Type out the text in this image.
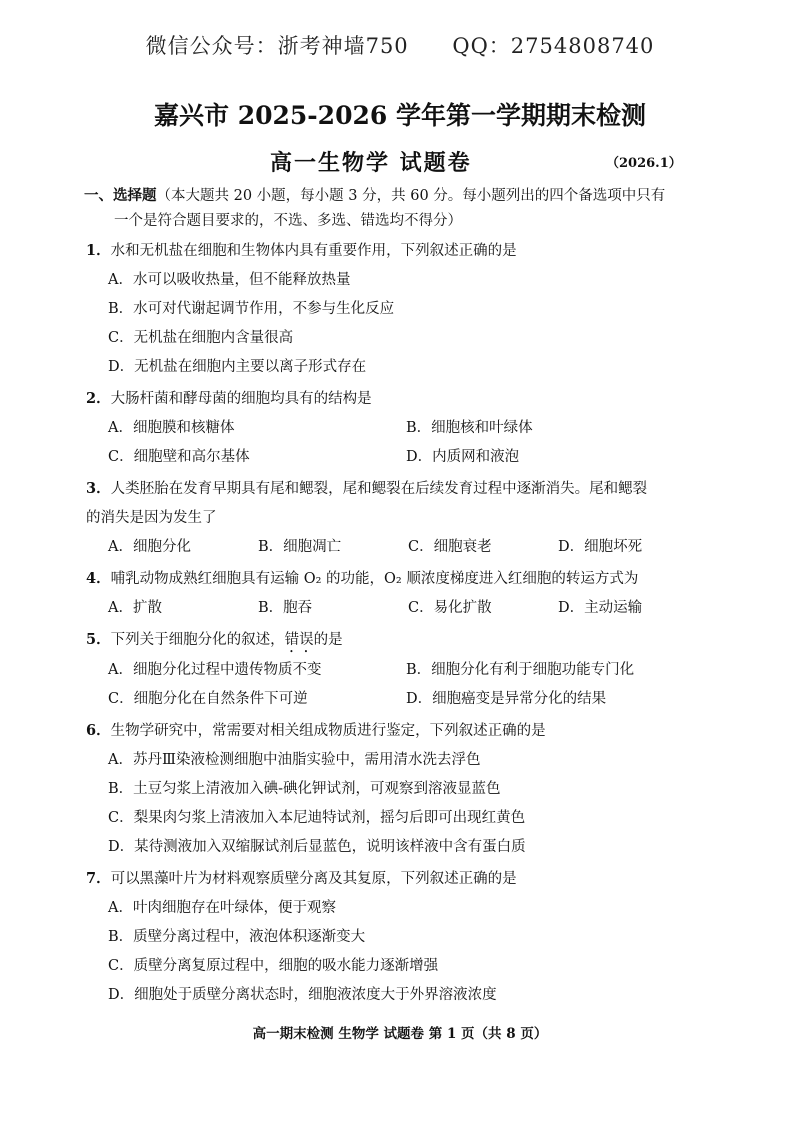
微信公众号：浙考神墙750 QQ：2754808740
嘉兴市 2025-2026 学年第一学期期末检测
高一生物学 试题卷	（2026.1）
一、选择题（本大题共 20 小题，每小题 3 分，共 60 分。每小题列出的四个备选项中只有
一个是符合题目要求的，不选、多选、错选均不得分）
1．水和无机盐在细胞和生物体内具有重要作用，下列叙述正确的是
A．水可以吸收热量，但不能释放热量
B．水可对代谢起调节作用，不参与生化反应
C．无机盐在细胞内含量很高
D．无机盐在细胞内主要以离子形式存在
2．大肠杆菌和酵母菌的细胞均具有的结构是
A．细胞膜和核糖体	B．细胞核和叶绿体
C．细胞壁和高尔基体	D．内质网和液泡
3．人类胚胎在发育早期具有尾和鳃裂，尾和鳃裂在后续发育过程中逐渐消失。尾和鳃裂
的消失是因为发生了
A．细胞分化	B．细胞凋亡	C．细胞衰老	D．细胞坏死
4．哺乳动物成熟红细胞具有运输 O₂ 的功能，O₂ 顺浓度梯度进入红细胞的转运方式为
A．扩散	B．胞吞	C．易化扩散	D．主动运输
5．下列关于细胞分化的叙述，错误的是
A．细胞分化过程中遗传物质不变	B．细胞分化有利于细胞功能专门化
C．细胞分化在自然条件下可逆	D．细胞癌变是异常分化的结果
6．生物学研究中，常需要对相关组成物质进行鉴定，下列叙述正确的是
A．苏丹Ⅲ染液检测细胞中油脂实验中，需用清水洗去浮色
B．土豆匀浆上清液加入碘-碘化钾试剂，可观察到溶液显蓝色
C．梨果肉匀浆上清液加入本尼迪特试剂，摇匀后即可出现红黄色
D．某待测液加入双缩脲试剂后显蓝色，说明该样液中含有蛋白质
7．可以黑藻叶片为材料观察质壁分离及其复原，下列叙述正确的是
A．叶肉细胞存在叶绿体，便于观察
B．质壁分离过程中，液泡体积逐渐变大
C．质壁分离复原过程中，细胞的吸水能力逐渐增强
D．细胞处于质壁分离状态时，细胞液浓度大于外界溶液浓度
高一期末检测 生物学 试题卷 第 1 页（共 8 页）
